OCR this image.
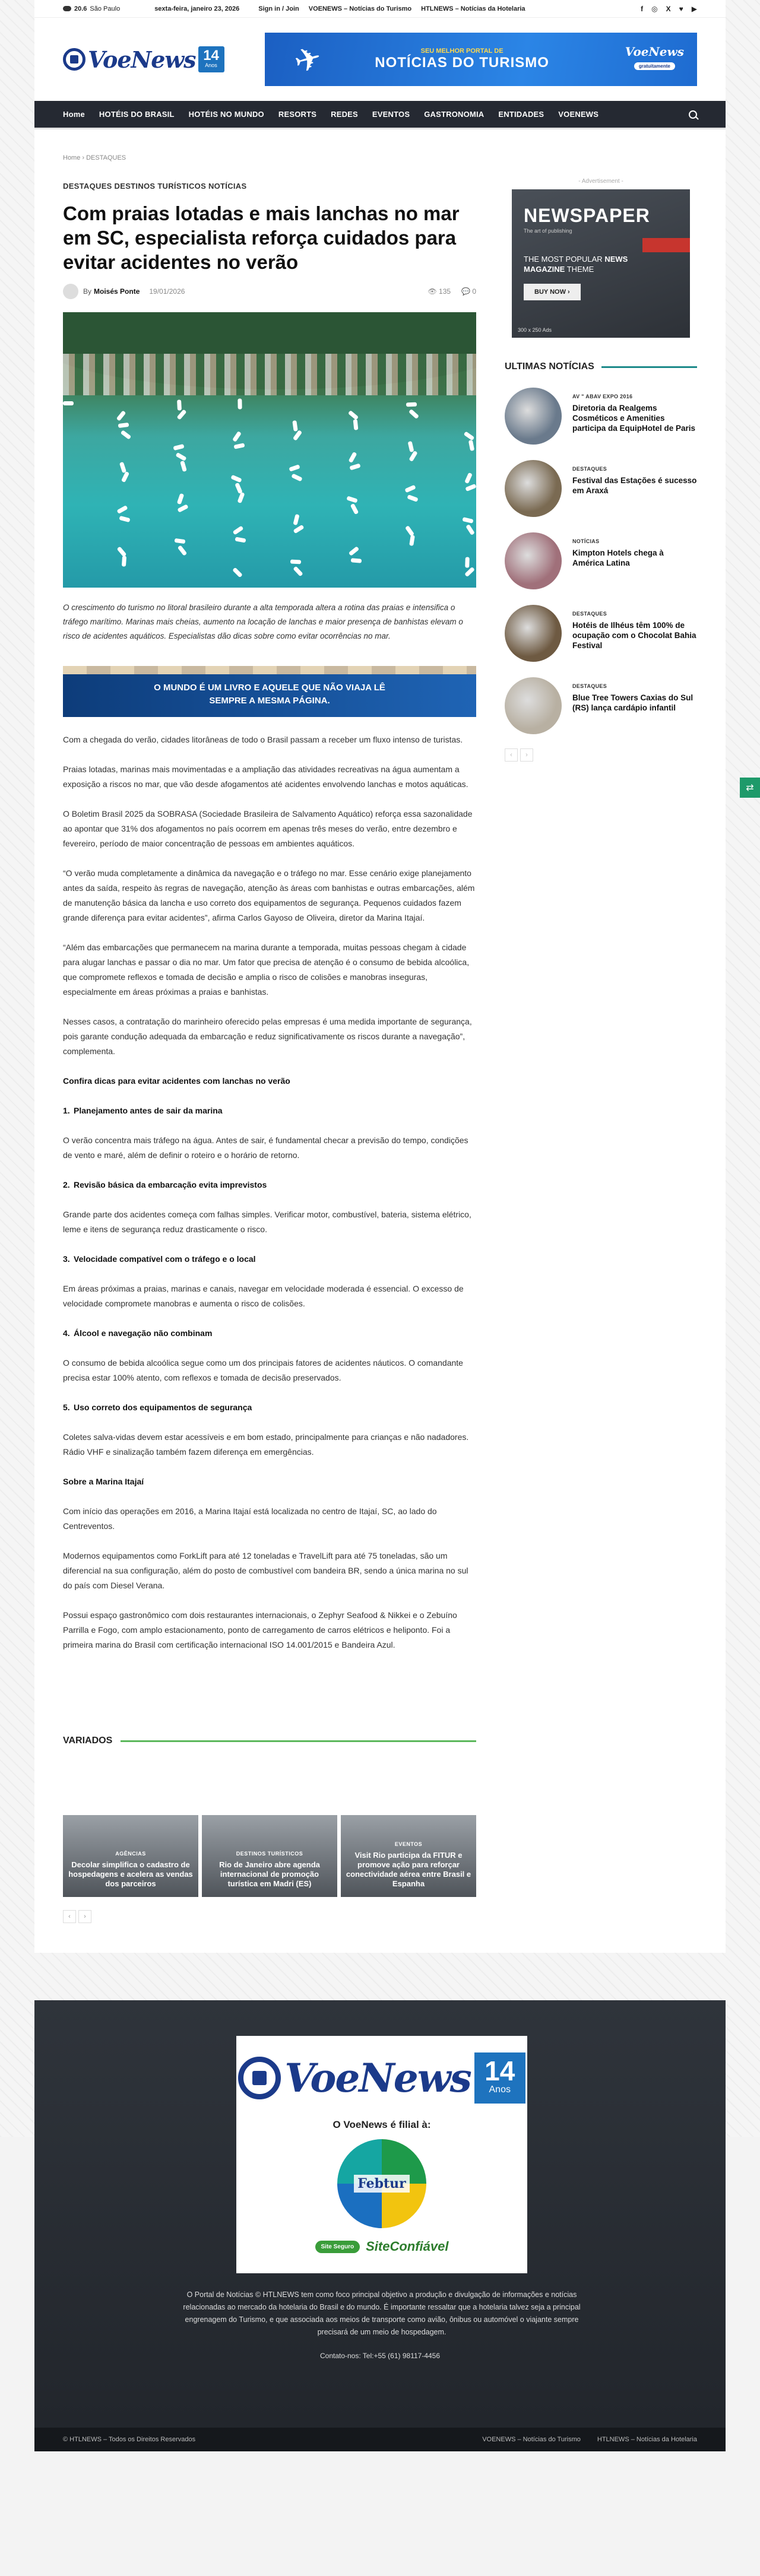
20.6 São Paulo	sexta-feira, janeiro 23, 2026	Sign in / Join VOENEWS – Notícias do Turismo HTLNEWS – Notícias da Hotelaria	f ◎ X ♥ ▶
VoeNews 14
Anos ✈	SEU MELHOR PORTAL DE
NOTÍCIAS DO TURISMO
VoeNews
gratuitamente
Home	HOTÉIS DO BRASIL	HOTÉIS NO MUNDO	RESORTS	REDES	EVENTOS	GASTRONOMIA	ENTIDADES	VOENEWS
Home › DESTAQUES
DESTAQUES DESTINOS TURÍSTICOS NOTÍCIAS
Com praias lotadas e mais lanchas no mar em SC, especialista reforça cuidados para evitar acidentes no verão
By Moisés Ponte 19/01/2026	👁 135 💬 0

O crescimento do turismo no litoral brasileiro durante a alta temporada altera a rotina das praias e intensifica o tráfego marítimo. Marinas mais cheias, aumento na locação de lanchas e maior presença de banhistas elevam o risco de acidentes aquáticos. Especialistas dão dicas sobre como evitar ocorrências no mar.

O MUNDO É UM LIVRO E AQUELE QUE NÃO VIAJA LÊ SEMPRE A MESMA PÁGINA.

Com a chegada do verão, cidades litorâneas de todo o Brasil passam a receber um fluxo intenso de turistas.

Praias lotadas, marinas mais movimentadas e a ampliação das atividades recreativas na água aumentam a exposição a riscos no mar, que vão desde afogamentos até acidentes envolvendo lanchas e motos aquáticas.

O Boletim Brasil 2025 da SOBRASA (Sociedade Brasileira de Salvamento Aquático) reforça essa sazonalidade ao apontar que 31% dos afogamentos no país ocorrem em apenas três meses do verão, entre dezembro e fevereiro, período de maior concentração de pessoas em ambientes aquáticos.

“O verão muda completamente a dinâmica da navegação e o tráfego no mar. Esse cenário exige planejamento antes da saída, respeito às regras de navegação, atenção às áreas com banhistas e outras embarcações, além de manutenção básica da lancha e uso correto dos equipamentos de segurança. Pequenos cuidados fazem grande diferença para evitar acidentes”, afirma Carlos Gayoso de Oliveira, diretor da Marina Itajaí.

“Além das embarcações que permanecem na marina durante a temporada, muitas pessoas chegam à cidade para alugar lanchas e passar o dia no mar. Um fator que precisa de atenção é o consumo de bebida alcoólica, que compromete reflexos e tomada de decisão e amplia o risco de colisões e manobras inseguras, especialmente em áreas próximas a praias e banhistas.

Nesses casos, a contratação do marinheiro oferecido pelas empresas é uma medida importante de segurança, pois garante condução adequada da embarcação e reduz significativamente os riscos durante a navegação”, complementa.

Confira dicas para evitar acidentes com lanchas no verão
1. Planejamento antes de sair da marina

O verão concentra mais tráfego na água. Antes de sair, é fundamental checar a previsão do tempo, condições de vento e maré, além de definir o roteiro e o horário de retorno.

2. Revisão básica da embarcação evita imprevistos

Grande parte dos acidentes começa com falhas simples. Verificar motor, combustível, bateria, sistema elétrico, leme e itens de segurança reduz drasticamente o risco.

3. Velocidade compatível com o tráfego e o local

Em áreas próximas a praias, marinas e canais, navegar em velocidade moderada é essencial. O excesso de velocidade compromete manobras e aumenta o risco de colisões.

4. Álcool e navegação não combinam

O consumo de bebida alcoólica segue como um dos principais fatores de acidentes náuticos. O comandante precisa estar 100% atento, com reflexos e tomada de decisão preservados.

5. Uso correto dos equipamentos de segurança

Coletes salva-vidas devem estar acessíveis e em bom estado, principalmente para crianças e não nadadores. Rádio VHF e sinalização também fazem diferença em emergências.

Sobre a Marina Itajaí

Com início das operações em 2016, a Marina Itajaí está localizada no centro de Itajaí, SC, ao lado do Centreventos.

Modernos equipamentos como ForkLift para até 12 toneladas e TravelLift para até 75 toneladas, são um diferencial na sua configuração, além do posto de combustível com bandeira BR, sendo a única marina no sul do país com Diesel Verana.

Possui espaço gastronômico com dois restaurantes internacionais, o Zephyr Seafood & Nikkei e o Zebuíno Parrilla e Fogo, com amplo estacionamento, ponto de carregamento de carros elétricos e heliponto. Foi a primeira marina do Brasil com certificação internacional ISO 14.001/2015 e Bandeira Azul.

VARIADOS
AGÊNCIAS
Decolar simplifica o cadastro de hospedagens e acelera as vendas dos parceiros
DESTINOS TURÍSTICOS
Rio de Janeiro abre agenda internacional de promoção turística em Madri (ES)
EVENTOS
Visit Rio participa da FITUR e promove ação para reforçar conectividade aérea entre Brasil e Espanha
‹	›
- Advertisement -
NEWSPAPER
The art of publishing
THE MOST POPULAR NEWS
MAGAZINE THEME
BUY NOW ›
300 x 250 Ads
ULTIMAS NOTÍCIAS
AV " ABAV EXPO 2016
Diretoria da Realgems Cosméticos e Amenities participa da EquipHotel de Paris
DESTAQUES
Festival das Estações é sucesso em Araxá
NOTÍCIAS
Kimpton Hotels chega à América Latina
DESTAQUES
Hotéis de Ilhéus têm 100% de ocupação com o Chocolat Bahia Festival
DESTAQUES
Blue Tree Towers Caxias do Sul (RS) lança cardápio infantil
‹	›
VoeNews 14
Anos
O VoeNews é filial à:
Febtur
Site Seguro SiteConfiável

O Portal de Notícias © HTLNEWS tem como foco principal objetivo a produção e divulgação de informações e notícias relacionadas ao mercado da hotelaria do Brasil e do mundo. É importante ressaltar que a hotelaria talvez seja a principal engrenagem do Turismo, e que associada aos meios de transporte como avião, ônibus ou automóvel o viajante sempre precisará de um meio de hospedagem.

Contato-nos: Tel:+55 (61) 98117-4456

© HTLNEWS – Todos os Direitos Reservados	VOENEWS – Notícias do Turismo	HTLNEWS – Notícias da Hotelaria
⇄
